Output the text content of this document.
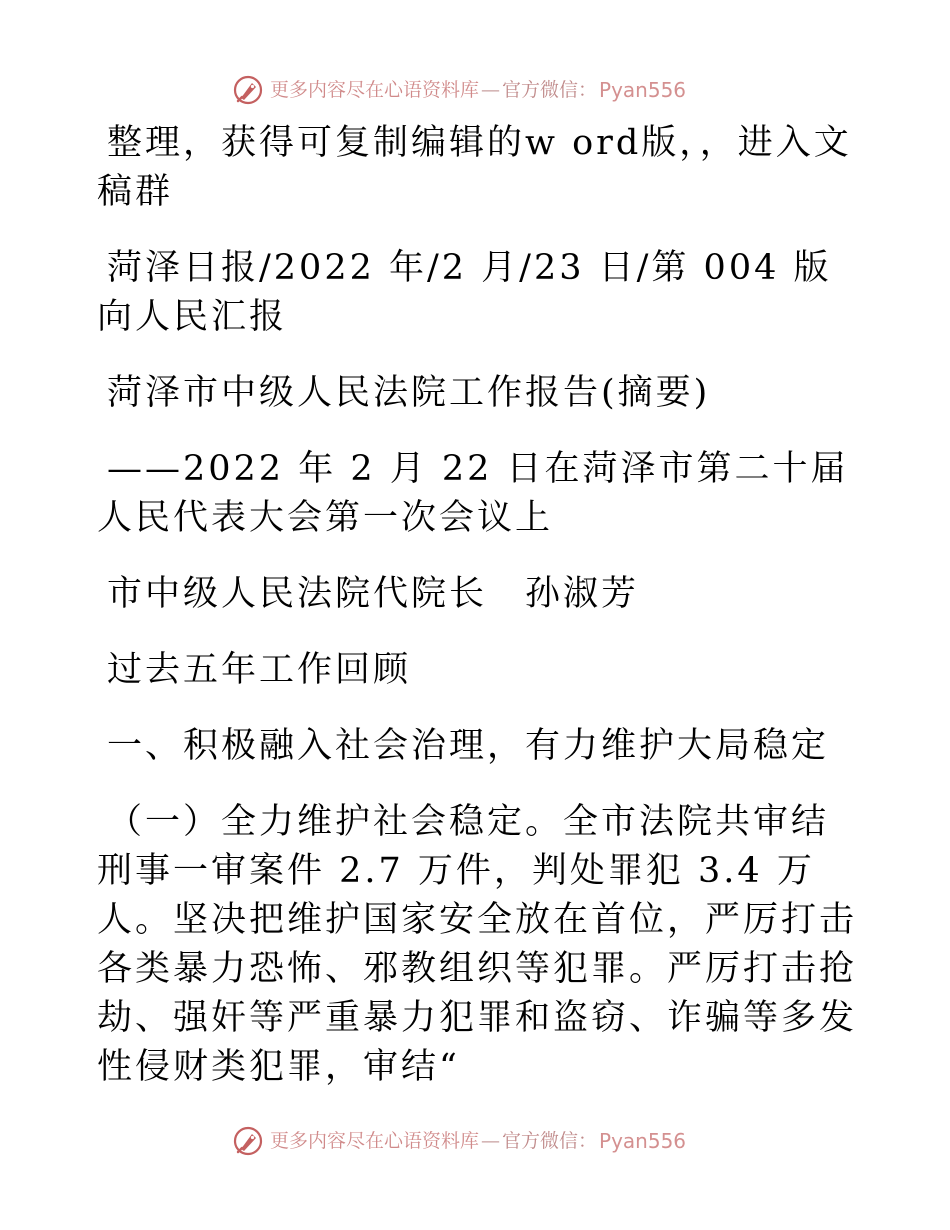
更多内容尽在心语资料库 — 官方微信： Pyan556

整理，获得可复制编辑的w ord版，，进入文稿群

菏泽日报/2022 年/2 月/23 日/第 004 版向人民汇报

菏泽市中级人民法院工作报告(摘要)

——2022 年 2 月 22 日在菏泽市第二十届人民代表大会第一次会议上

市中级人民法院代院长　孙淑芳

过去五年工作回顾

一、积极融入社会治理，有力维护大局稳定

（一）全力维护社会稳定。全市法院共审结刑事一审案件 2.7 万件，判处罪犯 3.4 万人。坚决把维护国家安全放在首位，严厉打击各类暴力恐怖、邪教组织等犯罪。严厉打击抢劫、强奸等严重暴力犯罪和盗窃、诈骗等多发性侵财类犯罪，审结“

更多内容尽在心语资料库 — 官方微信： Pyan556
